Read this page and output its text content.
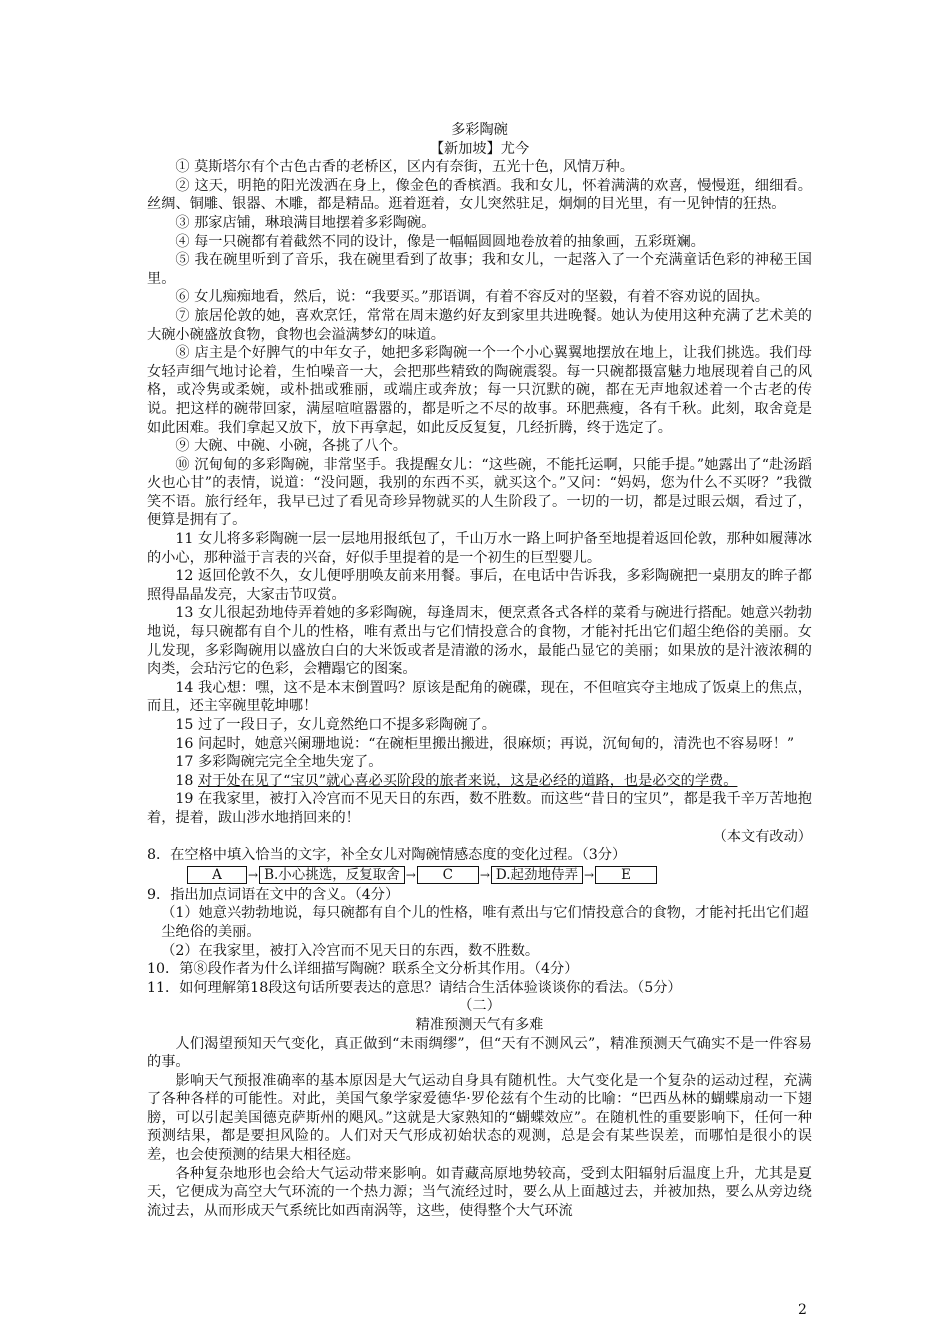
多彩陶碗

【新加坡】尤今

① 莫斯塔尔有个古色古香的老桥区，区内有奈街，五光十色，风情万种。

② 这天，明艳的阳光泼洒在身上，像金色的香槟酒。我和女儿，怀着满满的欢喜，慢慢逛，细细看。丝绸、铜雕、银器、木雕，都是精品。逛着逛着，女儿突然驻足，炯炯的目光里，有一见钟情的狂热。

③ 那家店铺，琳琅满目地摆着多彩陶碗。

④ 每一只碗都有着截然不同的设计，像是一幅幅圆圆地卷放着的抽象画，五彩斑斓。

⑤ 我在碗里听到了音乐，我在碗里看到了故事；我和女儿，一起落入了一个充满童话色彩的神秘王国里。

⑥ 女儿痴痴地看，然后，说：“我要买。”那语调，有着不容反对的坚毅，有着不容劝说的固执。

⑦ 旅居伦敦的她，喜欢烹饪，常常在周末邀约好友到家里共进晚餐。她认为使用这种充满了艺术美的大碗小碗盛放食物，食物也会溢满梦幻的味道。

⑧ 店主是个好脾气的中年女子，她把多彩陶碗一个一个小心翼翼地摆放在地上，让我们挑选。我们母女轻声细气地讨论着，生怕噪音一大，会把那些精致的陶碗震裂。每一只碗都摄富魅力地展现着自己的风格，或冷隽或柔婉，或朴拙或雅丽，或端庄或奔放；每一只沉默的碗，都在无声地叙述着一个古老的传说。把这样的碗带回家，满屋喧喧嚣嚣的，都是听之不尽的故事。环肥燕瘦，各有千秋。此刻，取舍竟是如此困难。我们拿起又放下，放下再拿起，如此反反复复，几经折腾，终于选定了。

⑨ 大碗、中碗、小碗，各挑了八个。

⑩ 沉甸甸的多彩陶碗，非常坚手。我提醒女儿：“这些碗，不能托运啊，只能手提。”她露出了“赴汤蹈火也心甘”的表情，说道：“没问题，我别的东西不买，就买这个。”又问：“妈妈，您为什么不买呀？”我微笑不语。旅行经年，我早已过了看见奇珍异物就买的人生阶段了。一切的一切，都是过眼云烟，看过了，便算是拥有了。

11 女儿将多彩陶碗一层一层地用报纸包了，千山万水一路上呵护备至地提着返回伦敦，那种如履薄冰的小心，那种溢于言表的兴奋，好似手里提着的是一个初生的巨型婴儿。

12 返回伦敦不久，女儿便呼朋唤友前来用餐。事后，在电话中告诉我，多彩陶碗把一桌朋友的眸子都照得晶晶发亮，大家击节叹赏。

13 女儿很起劲地侍弄着她的多彩陶碗，每逢周末，便烹煮各式各样的菜肴与碗进行搭配。她意兴勃勃地说，每只碗都有自个儿的性格，唯有煮出与它们情投意合的食物，才能衬托出它们超尘绝俗的美丽。女儿发现，多彩陶碗用以盛放白白的大米饭或者是清澈的汤水，最能凸显它的美丽；如果放的是汁液浓稠的肉类，会玷污它的色彩，会糟蹋它的图案。

14 我心想：嘿，这不是本末倒置吗？原该是配角的碗碟，现在，不但喧宾夺主地成了饭桌上的焦点，而且，还主宰碗里乾坤哪！

15 过了一段日子，女儿竟然绝口不提多彩陶碗了。

16 问起时，她意兴阑珊地说：“在碗柜里搬出搬进，很麻烦；再说，沉甸甸的，清洗也不容易呀！”

17 多彩陶碗完完全全地失宠了。

18 对于处在见了“宝贝”就心喜必买阶段的旅者来说，这是必经的道路，也是必交的学费。

19 在我家里，被打入冷宫而不见天日的东西，数不胜数。而这些“昔日的宝贝”，都是我千辛万苦地抱着，提着，跋山涉水地捎回来的！

（本文有改动）

8．在空格中填入恰当的文字，补全女儿对陶碗情感态度的变化过程。（3分）

A	→ B.小心挑选，反复取舍 →	C	→ D.起劲地侍弄 →	E

9．指出加点词语在文中的含义。（4分）

（1）她意兴勃勃地说，每只碗都有自个儿的性格，唯有煮出与它们情投意合的食物，才能衬托出它们超尘绝俗的美丽。

（2）在我家里，被打入冷宫而不见天日的东西，数不胜数。

10．第⑧段作者为什么详细描写陶碗？联系全文分析其作用。（4分）

11．如何理解第18段这句话所要表达的意思？请结合生活体验谈谈你的看法。（5分）

（二）

精准预测天气有多难

人们渴望预知天气变化，真正做到“未雨绸缪”，但“天有不测风云”，精准预测天气确实不是一件容易的事。

影响天气预报准确率的基本原因是大气运动自身具有随机性。大气变化是一个复杂的运动过程，充满了各种各样的可能性。对此，美国气象学家爱德华·罗伦兹有个生动的比喻：“巴西丛林的蝴蝶扇动一下翅膀，可以引起美国德克萨斯州的飓风。”这就是大家熟知的“蝴蝶效应”。在随机性的重要影响下，任何一种预测结果，都是要担风险的。人们对天气形成初始状态的观测，总是会有某些误差，而哪怕是很小的误差，也会使预测的结果大相径庭。

各种复杂地形也会给大气运动带来影响。如青藏高原地势较高，受到太阳辐射后温度上升，尤其是夏天，它便成为高空大气环流的一个热力源；当气流经过时，要么从上面越过去，并被加热，要么从旁边绕流过去，从而形成天气系统比如西南涡等，这些，使得整个大气环流

2
